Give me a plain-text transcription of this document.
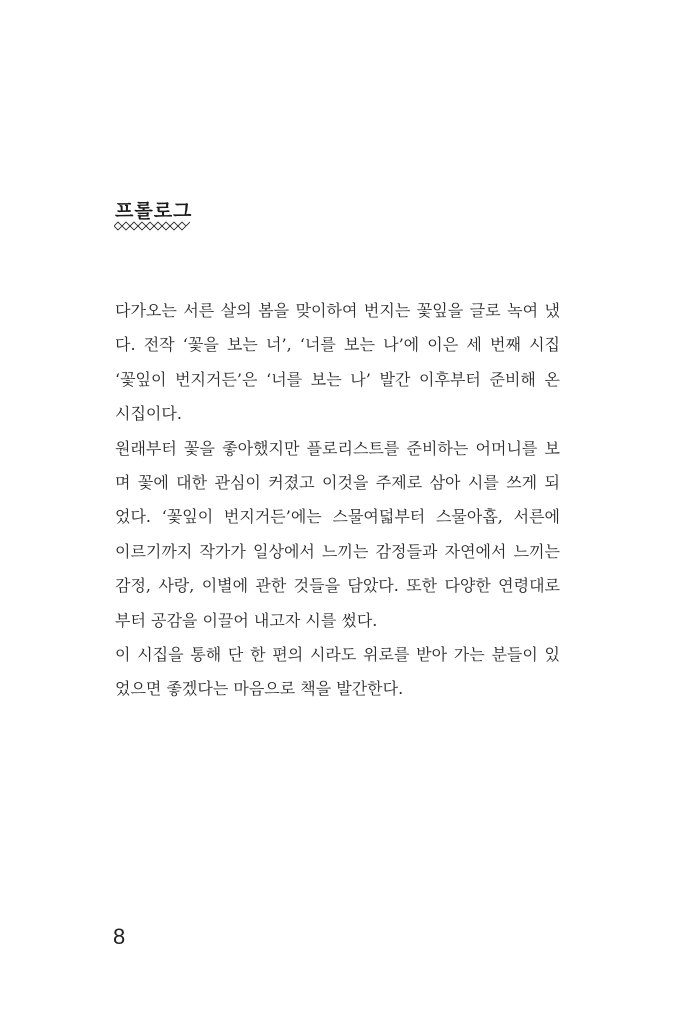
프롤로그
다가오는 서른 살의 봄을 맞이하여 번지는 꽃잎을 글로 녹여 냈
다. 전작 ‘꽃을 보는 너’, ‘너를 보는 나’에 이은 세 번째 시집
‘꽃잎이 번지거든’은 ‘너를 보는 나’ 발간 이후부터 준비해 온
시집이다.
원래부터 꽃을 좋아했지만 플로리스트를 준비하는 어머니를 보
며 꽃에 대한 관심이 커졌고 이것을 주제로 삼아 시를 쓰게 되
었다. ‘꽃잎이 번지거든’에는 스물여덟부터 스물아홉, 서른에
이르기까지 작가가 일상에서 느끼는 감정들과 자연에서 느끼는
감정, 사랑, 이별에 관한 것들을 담았다. 또한 다양한 연령대로
부터 공감을 이끌어 내고자 시를 썼다.
이 시집을 통해 단 한 편의 시라도 위로를 받아 가는 분들이 있
었으면 좋겠다는 마음으로 책을 발간한다.
8
